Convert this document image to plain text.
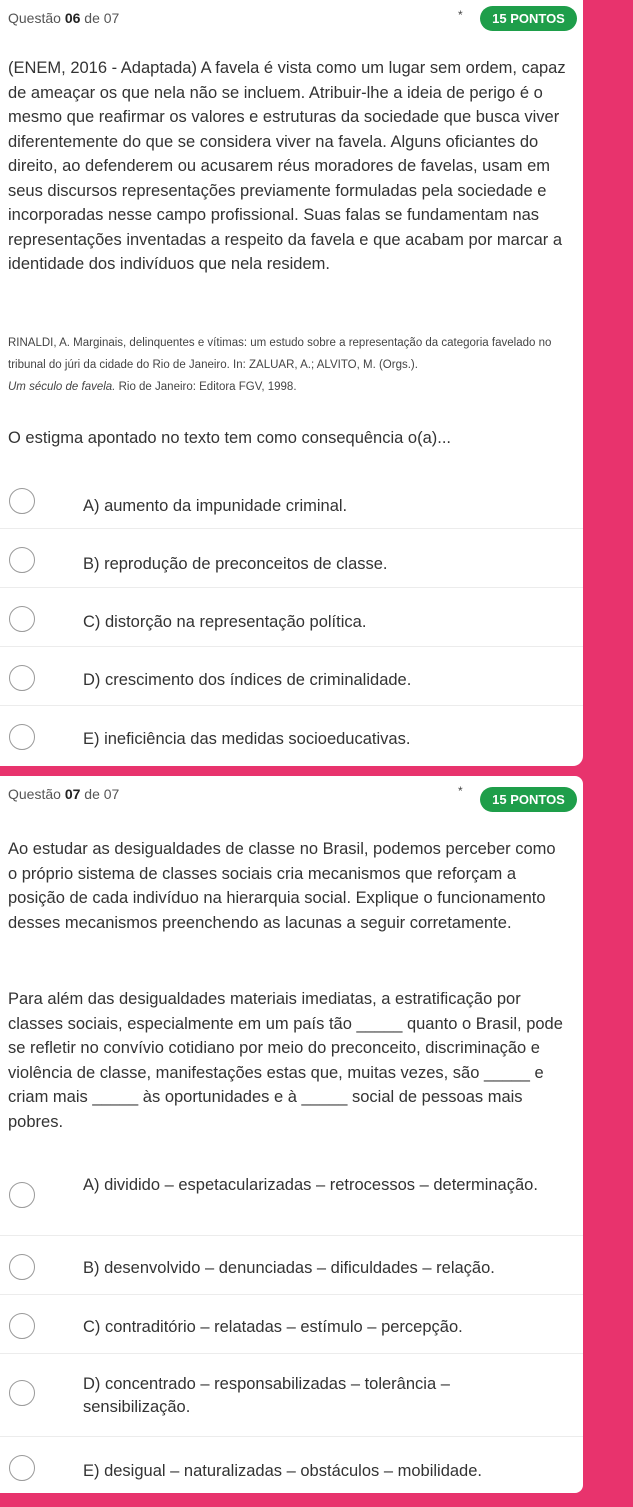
Questão 06 de 07	*	15 PONTOS

(ENEM, 2016 - Adaptada) A favela é vista como um lugar sem ordem, capaz de ameaçar os que nela não se incluem. Atribuir-lhe a ideia de perigo é o mesmo que reafirmar os valores e estruturas da sociedade que busca viver diferentemente do que se considera viver na favela. Alguns oficiantes do direito, ao defenderem ou acusarem réus moradores de favelas, usam em seus discursos representações previamente formuladas pela sociedade e incorporadas nesse campo profissional. Suas falas se fundamentam nas representações inventadas a respeito da favela e que acabam por marcar a identidade dos indivíduos que nela residem.

RINALDI, A. Marginais, delinquentes e vítimas: um estudo sobre a representação da categoria favelado no tribunal do júri da cidade do Rio de Janeiro. In: ZALUAR, A.; ALVITO, M. (Orgs.).
Um século de favela. Rio de Janeiro: Editora FGV, 1998.

O estigma apontado no texto tem como consequência o(a)...

A) aumento da impunidade criminal.
B) reprodução de preconceitos de classe.
C) distorção na representação política.
D) crescimento dos índices de criminalidade.
E) ineficiência das medidas socioeducativas.
Questão 07 de 07	*
15 PONTOS

Ao estudar as desigualdades de classe no Brasil, podemos perceber como o próprio sistema de classes sociais cria mecanismos que reforçam a posição de cada indivíduo na hierarquia social. Explique o funcionamento desses mecanismos preenchendo as lacunas a seguir corretamente.

Para além das desigualdades materiais imediatas, a estratificação por classes sociais, especialmente em um país tão _____ quanto o Brasil, pode se refletir no convívio cotidiano por meio do preconceito, discriminação e violência de classe, manifestações estas que, muitas vezes, são _____ e criam mais _____ às oportunidades e à _____ social de pessoas mais pobres.

A) dividido – espetacularizadas – retrocessos – determinação.
B) desenvolvido – denunciadas – dificuldades – relação.
C) contraditório – relatadas – estímulo – percepção.
D) concentrado – responsabilizadas – tolerância – sensibilização.
E) desigual – naturalizadas – obstáculos – mobilidade.
